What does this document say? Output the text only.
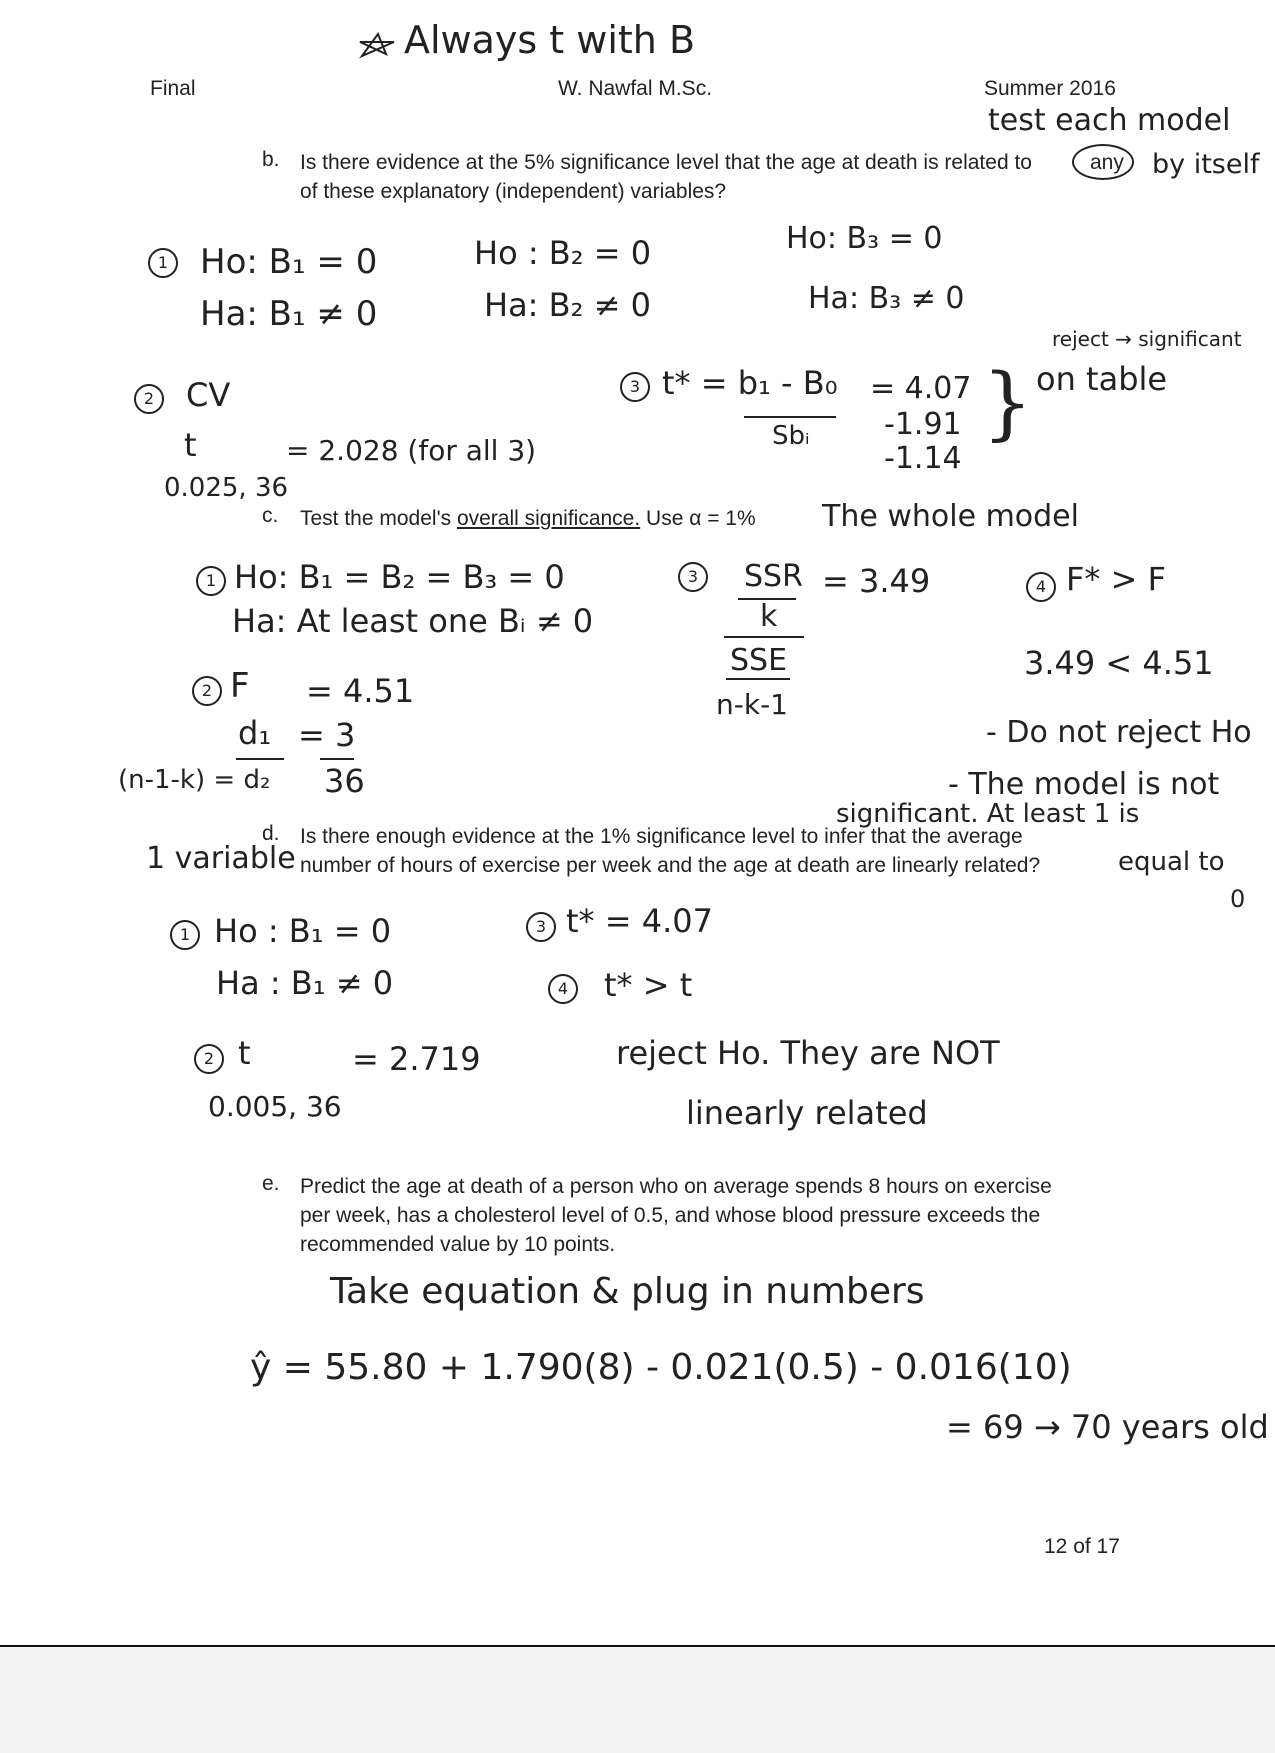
Always t with B
Final	W. Nawfal M.Sc.	Summer 2016
test each model
b. Is there evidence at the 5% significance level that the age at death is related to	any by itself
of these explanatory (independent) variables?
1 Ho: B₁ = 0
Ha: B₁ ≠ 0
Ho : B₂ = 0
Ha: B₂ ≠ 0
Ho: B₃ = 0
Ha: B₃ ≠ 0
reject → significant
2 CV
t	= 2.028 (for all 3)
0.025, 36
3 t* = b₁ - B₀
Sbᵢ
= 4.07
-1.91
-1.14
} on table
c. Test the model's overall significance. Use α = 1% The whole model
1 Ho: B₁ = B₂ = B₃ = 0
Ha: At least one Bᵢ ≠ 0
2 F = 4.51
d₁
(n-1-k) = d₂
= 3
36
3	SSR
k
SSE
n-k-1
= 3.49	4 F* > F
3.49 < 4.51
- Do not reject Ho
- The model is not
significant. At least 1 is
equal to
0
1 variable
d. Is there enough evidence at the 1% significance level to infer that the average
number of hours of exercise per week and the age at death are linearly related?
1 Ho : B₁ = 0
Ha : B₁ ≠ 0
2 t	= 2.719
0.005, 36
3 t* = 4.07
4	t* > t
reject Ho. They are NOT
linearly related
e. Predict the age at death of a person who on average spends 8 hours on exercise
per week, has a cholesterol level of 0.5, and whose blood pressure exceeds the
recommended value by 10 points.
Take equation & plug in numbers
ŷ = 55.80 + 1.790(8) - 0.021(0.5) - 0.016(10)
= 69 → 70 years old
12 of 17
